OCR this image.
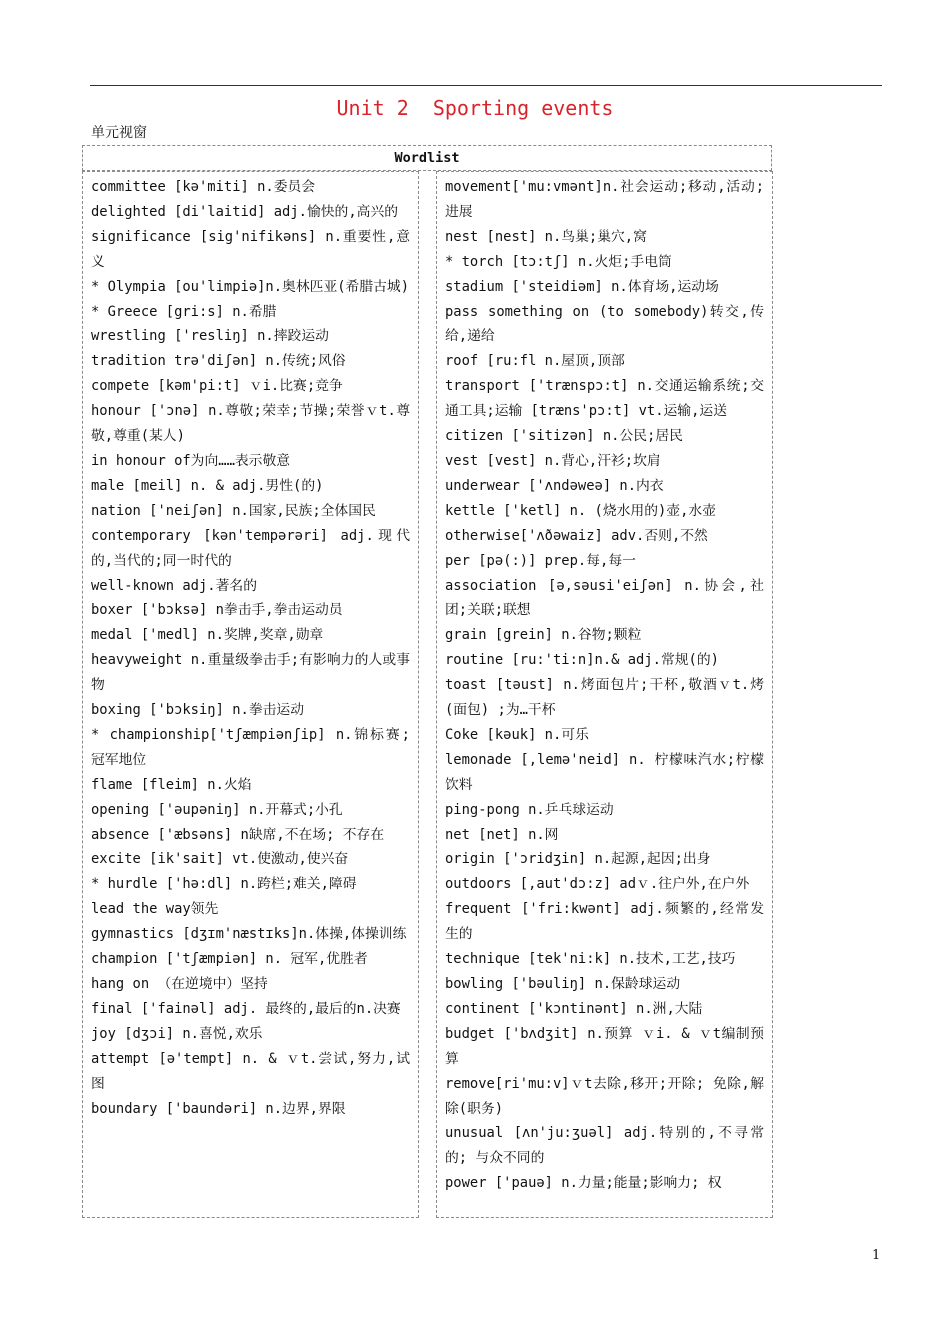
Unit 2  Sporting events
单元视窗
Wordlist
committee [kə'miti] n.委员会
delighted [di'laitid] adj.愉快的,高兴的
significance [sig'nifikəns] n.重要性,意义
* Olympia [ou'limpiə]n.奥林匹亚(希腊古城)
* Greece [gri:s] n.希腊
wrestling ['resliŋ] n.摔跤运动
tradition trə'diʃən] n.传统;风俗
compete [kəm'pi:t] ｖi.比赛;竞争
honour ['ɔnə] n.尊敬;荣幸;节操;荣誉ｖt.尊敬,尊重(某人)
in honour of为向……表示敬意
male [meil] n. & adj.男性(的)
nation ['neiʃən] n.国家,民族;全体国民
contemporary [kən'tempərəri] adj.现代的,当代的;同一时代的
well-known adj.著名的
boxer ['bɔksə] n拳击手,拳击运动员
medal ['medl] n.奖牌,奖章,勋章
heavyweight n.重量级拳击手;有影响力的人或事物
boxing ['bɔksiŋ] n.拳击运动
* championship['tʃæmpiənʃip] n.锦标赛;冠军地位
flame [fleim] n.火焰
opening ['əupəniŋ] n.开幕式;小孔
absence ['æbsəns] n缺席,不在场; 不存在
excite [ik'sait] vt.使激动,使兴奋
* hurdle ['hə:dl] n.跨栏;难关,障碍
lead the way领先
gymnastics [dʒɪm'næstɪks]n.体操,体操训练
champion ['tʃæmpiən] n. 冠军,优胜者
hang on （在逆境中）坚持
final ['fainəl] adj. 最终的,最后的n.决赛
joy [dʒɔi] n.喜悦,欢乐
attempt [ə'tempt] n. & ｖt.尝试,努力,试图
boundary ['baundəri] n.边界,界限
movement['mu:vmənt]n.社会运动;移动,活动; 进展
nest [nest] n.鸟巢;巢穴,窝
* torch [tɔ:tʃ] n.火炬;手电筒
stadium ['steidiəm] n.体育场,运动场
pass something on (to somebody)转交,传给,递给
roof [ru:fl n.屋顶,顶部
transport ['trænspɔ:t] n.交通运输系统;交通工具;运输 [træns'pɔ:t] vt.运输,运送
citizen ['sitizən] n.公民;居民
vest [vest] n.背心,汗衫;坎肩
underwear ['ʌndəweə] n.内衣
kettle ['ketl] n. (烧水用的)壶,水壶
otherwise['ʌðəwaiz] adv.否则,不然
per [pə(:)] prep.每,每一
association [ə,səusi'eiʃən] n.协会,社团;关联;联想
grain [grein] n.谷物;颗粒
routine [ru:'ti:n]n.& adj.常规(的)
toast [təust] n.烤面包片;干杯,敬酒ｖt.烤(面包) ;为…干杯
Coke [kəuk] n.可乐
lemonade [,lemə'neid] n. 柠檬味汽水;柠檬饮料
ping-pong n.乒乓球运动
net [net] n.网
origin ['ɔridʒin] n.起源,起因;出身
outdoors [,aut'dɔ:z] adｖ.往户外,在户外
frequent ['fri:kwənt] adj.频繁的,经常发生的
technique [tek'ni:k] n.技术,工艺,技巧
bowling ['bəuliŋ] n.保龄球运动
continent ['kɔntinənt] n.洲,大陆
budget ['bʌdʒit] n.预算 ｖi. & ｖt编制预算
remove[ri'mu:v]ｖt去除,移开;开除; 免除,解除(职务)
unusual [ʌn'ju:ʒuəl] adj.特别的,不寻常的; 与众不同的
power ['pauə] n.力量;能量;影响力; 权
1
